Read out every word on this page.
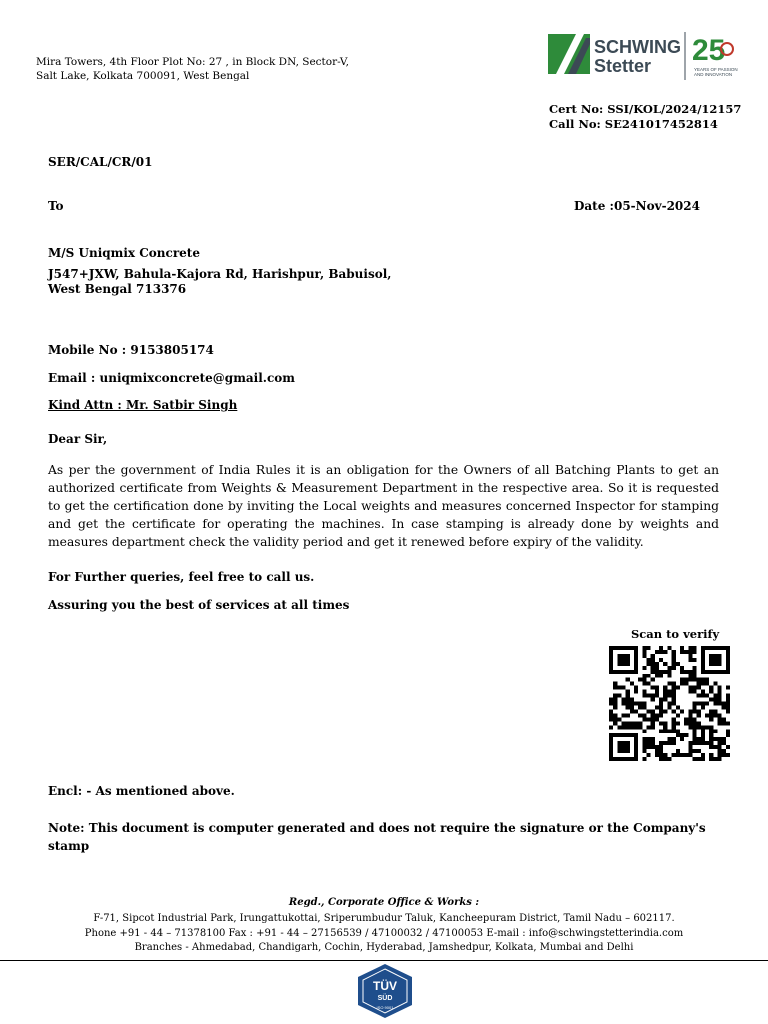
Mira Towers, 4th Floor Plot No: 27 , in Block DN, Sector-V,
Salt Lake, Kolkata 700091, West Bengal
SCHWING
Stetter 25
YEARS OF PASSION
AND INNOVATION
Cert No: SSI/KOL/2024/12157
Call No: SE241017452814
SER/CAL/CR/01
To	Date :05-Nov-2024
M/S Uniqmix Concrete
J547+JXW, Bahula-Kajora Rd, Harishpur, Babuisol,
West Bengal 713376
Mobile No : 9153805174
Email : uniqmixconcrete@gmail.com
Kind Attn : Mr. Satbir Singh
Dear Sir,
As per the government of India Rules it is an obligation for the Owners of all Batching Plants to get an authorized certificate from Weights & Measurement Department in the respective area. So it is requested to get the certification done by inviting the Local weights and measures concerned Inspector for stamping and get the certificate for operating the machines. In case stamping is already done by weights and measures department check the validity period and get it renewed before expiry of the validity.
For Further queries, feel free to call us.
Assuring you the best of services at all times
Scan to verify
Encl: - As mentioned above.
Note: This document is computer generated and does not require the signature or the Company's stamp
Regd., Corporate Office & Works :
F-71, Sipcot Industrial Park, Irungattukottai, Sriperumbudur Taluk, Kancheepuram District, Tamil Nadu – 602117.
Phone +91 - 44 – 71378100 Fax : +91 - 44 – 27156539 / 47100032 / 47100053 E-mail : info@schwingstetterindia.com
Branches - Ahmedabad, Chandigarh, Cochin, Hyderabad, Jamshedpur, Kolkata, Mumbai and Delhi
TÜV
SÜD
ISO 9001
